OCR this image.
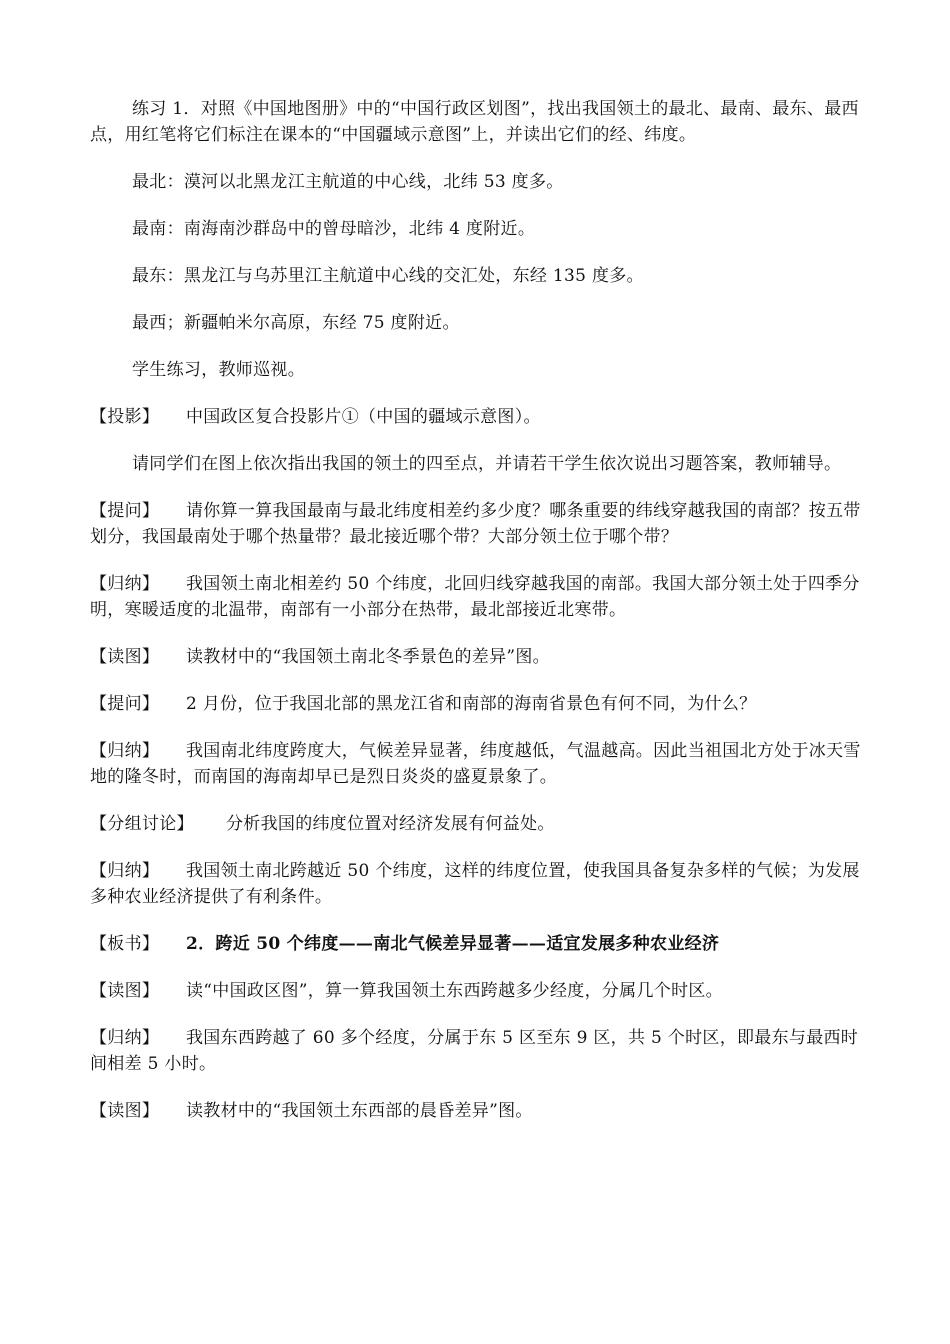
练习 1．对照《中国地图册》中的“中国行政区划图”，找出我国领土的最北、最南、最东、最西点，用红笔将它们标注在课本的“中国疆域示意图”上，并读出它们的经、纬度。

最北：漠河以北黑龙江主航道的中心线，北纬 53 度多。

最南：南海南沙群岛中的曾母暗沙，北纬 4 度附近。

最东：黑龙江与乌苏里江主航道中心线的交汇处，东经 135 度多。

最西；新疆帕米尔高原，东经 75 度附近。

学生练习，教师巡视。

【投影】 中国政区复合投影片①（中国的疆域示意图）。

请同学们在图上依次指出我国的领土的四至点，并请若干学生依次说出习题答案，教师辅导。

【提问】 请你算一算我国最南与最北纬度相差约多少度？哪条重要的纬线穿越我国的南部？按五带划分，我国最南处于哪个热量带？最北接近哪个带？大部分领土位于哪个带？

【归纳】 我国领土南北相差约 50 个纬度，北回归线穿越我国的南部。我国大部分领土处于四季分明，寒暖适度的北温带，南部有一小部分在热带，最北部接近北寒带。

【读图】 读教材中的“我国领土南北冬季景色的差异”图。

【提问】 2 月份，位于我国北部的黑龙江省和南部的海南省景色有何不同，为什么？

【归纳】 我国南北纬度跨度大，气候差异显著，纬度越低，气温越高。因此当祖国北方处于冰天雪地的隆冬时，而南国的海南却早已是烈日炎炎的盛夏景象了。

【分组讨论】 分析我国的纬度位置对经济发展有何益处。

【归纳】 我国领土南北跨越近 50 个纬度，这样的纬度位置，使我国具备复杂多样的气候；为发展多种农业经济提供了有利条件。

【板书】 2．跨近 50 个纬度——南北气候差异显著——适宜发展多种农业经济

【读图】 读“中国政区图”，算一算我国领土东西跨越多少经度，分属几个时区。

【归纳】 我国东西跨越了 60 多个经度，分属于东 5 区至东 9 区，共 5 个时区，即最东与最西时间相差 5 小时。

【读图】 读教材中的“我国领土东西部的晨昏差异”图。
